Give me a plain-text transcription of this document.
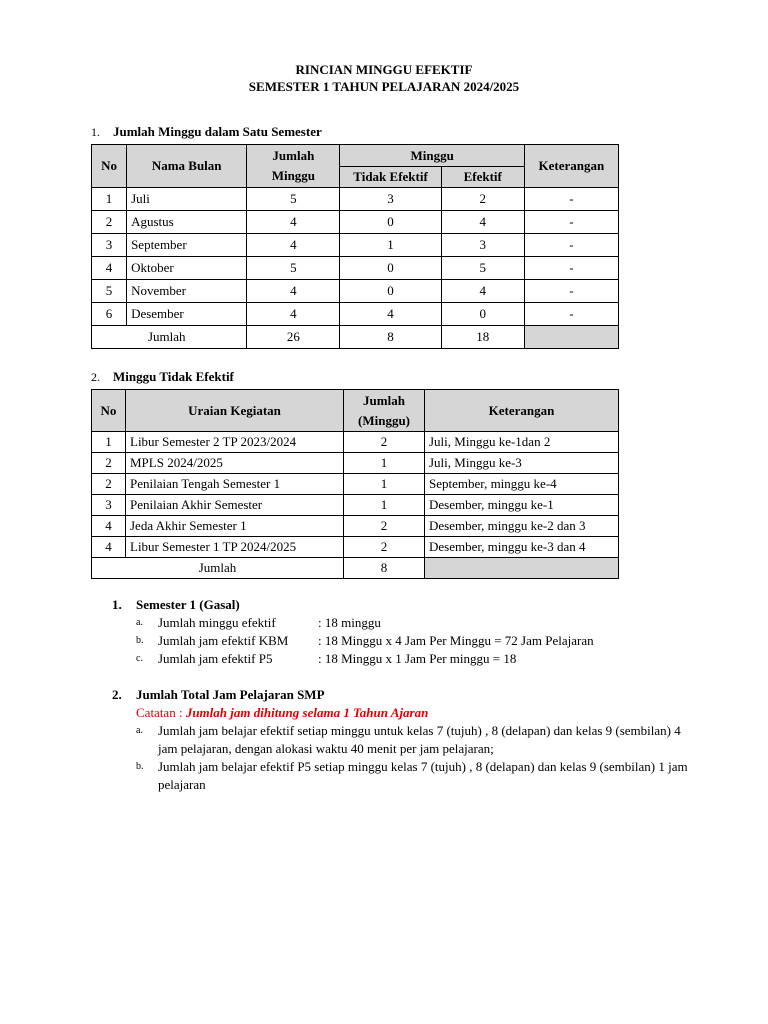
RINCIAN MINGGU EFEKTIF
SEMESTER 1 TAHUN PELAJARAN 2024/2025
1. Jumlah Minggu dalam Satu Semester
No	Nama Bulan	Jumlah Minggu	Minggu		Keterangan
			Tidak Efektif	Efektif	
1	Juli	5	3	2	-
2	Agustus	4	0	4	-
3	September	4	1	3	-
4	Oktober	5	0	5	-
5	November	4	0	4	-
6	Desember	4	4	0	-
Jumlah		26	8	18	
2. Minggu Tidak Efektif
No	Uraian Kegiatan	Jumlah (Minggu)	Keterangan
1	Libur Semester 2 TP 2023/2024	2	Juli, Minggu ke-1dan 2
2	MPLS 2024/2025	1	Juli, Minggu ke-3
2	Penilaian Tengah Semester 1	1	September, minggu ke-4
3	Penilaian Akhir Semester	1	Desember, minggu ke-1
4	Jeda Akhir Semester 1	2	Desember, minggu ke-2 dan 3
4	Libur Semester 1 TP 2024/2025	2	Desember, minggu ke-3 dan 4
Jumlah		8	
1. Semester 1 (Gasal)
a. Jumlah minggu efektif	: 18 minggu
b. Jumlah jam efektif KBM : 18 Minggu x 4 Jam Per Minggu = 72 Jam Pelajaran
c. Jumlah jam efektif P5	: 18 Minggu x 1 Jam Per minggu = 18
2. Jumlah Total Jam Pelajaran SMP
Catatan : Jumlah jam dihitung selama 1 Tahun Ajaran
a. Jumlah jam belajar efektif setiap minggu untuk kelas 7 (tujuh) , 8 (delapan) dan kelas 9 (sembilan) 4 jam pelajaran, dengan alokasi waktu 40 menit per jam pelajaran;
b. Jumlah jam belajar efektif P5 setiap minggu kelas 7 (tujuh) , 8 (delapan) dan kelas 9 (sembilan) 1 jam pelajaran
